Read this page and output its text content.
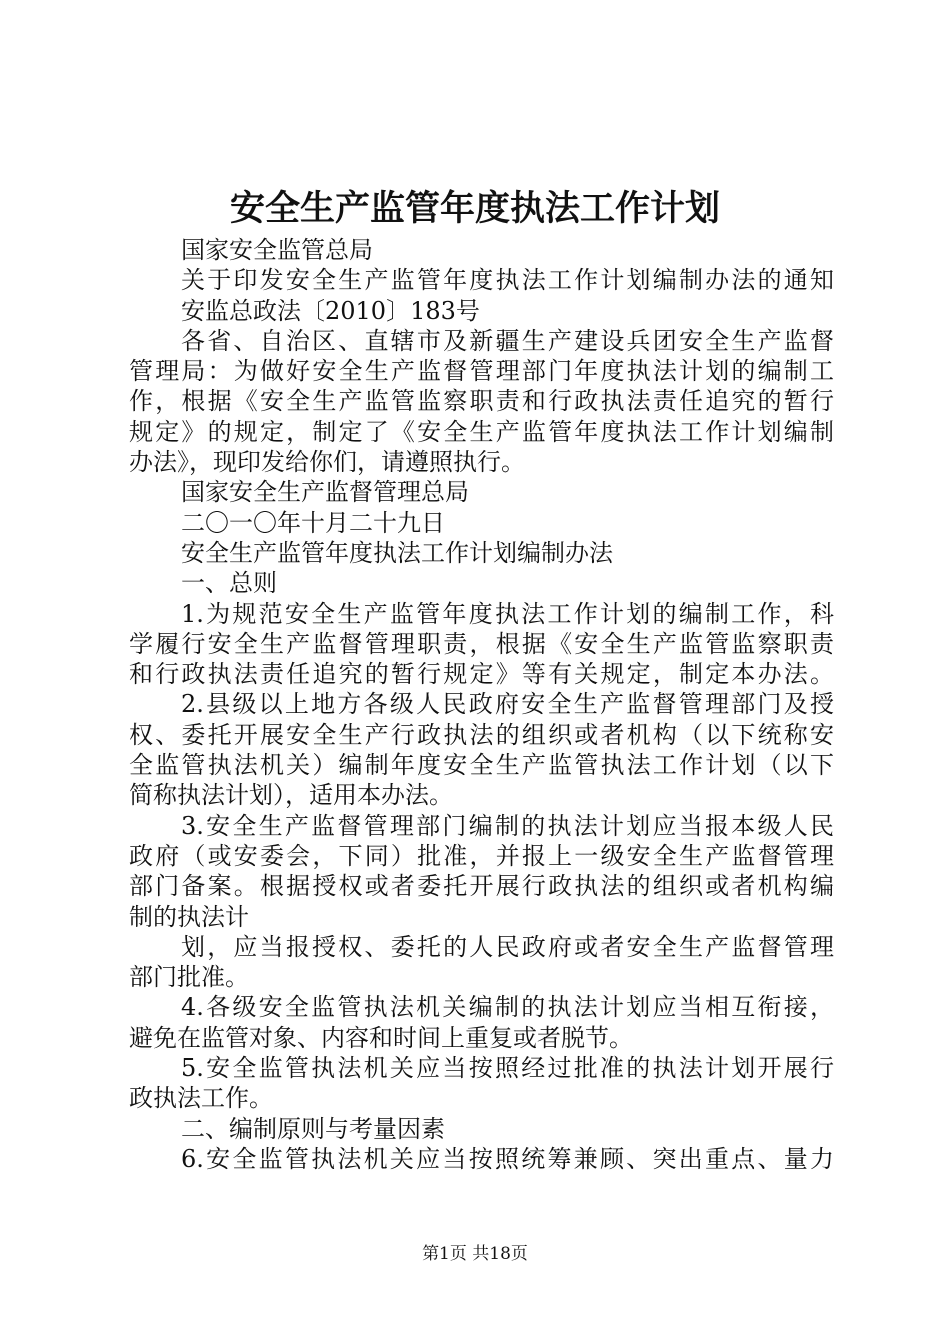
安全生产监管年度执法工作计划

国家安全监管总局

关于印发安全生产监管年度执法工作计划编制办法的通知

安监总政法〔2010〕183号

各省、自治区、直辖市及新疆生产建设兵团安全生产监督

管理局：为做好安全生产监督管理部门年度执法计划的编制工

作，根据《安全生产监管监察职责和行政执法责任追究的暂行

规定》的规定，制定了《安全生产监管年度执法工作计划编制

办法》，现印发给你们，请遵照执行。

国家安全生产监督管理总局

二〇一〇年十月二十九日

安全生产监管年度执法工作计划编制办法

一、总则

1.为规范安全生产监管年度执法工作计划的编制工作，科

学履行安全生产监督管理职责，根据《安全生产监管监察职责

和行政执法责任追究的暂行规定》等有关规定，制定本办法。

2.县级以上地方各级人民政府安全生产监督管理部门及授

权、委托开展安全生产行政执法的组织或者机构（以下统称安

全监管执法机关）编制年度安全生产监管执法工作计划（以下

简称执法计划），适用本办法。

3.安全生产监督管理部门编制的执法计划应当报本级人民

政府（或安委会，下同）批准，并报上一级安全生产监督管理

部门备案。根据授权或者委托开展行政执法的组织或者机构编

制的执法计

划，应当报授权、委托的人民政府或者安全生产监督管理

部门批准。

4.各级安全监管执法机关编制的执法计划应当相互衔接，

避免在监管对象、内容和时间上重复或者脱节。

5.安全监管执法机关应当按照经过批准的执法计划开展行

政执法工作。

二、编制原则与考量因素

6.安全监管执法机关应当按照统筹兼顾、突出重点、量力

第1页 共18页
